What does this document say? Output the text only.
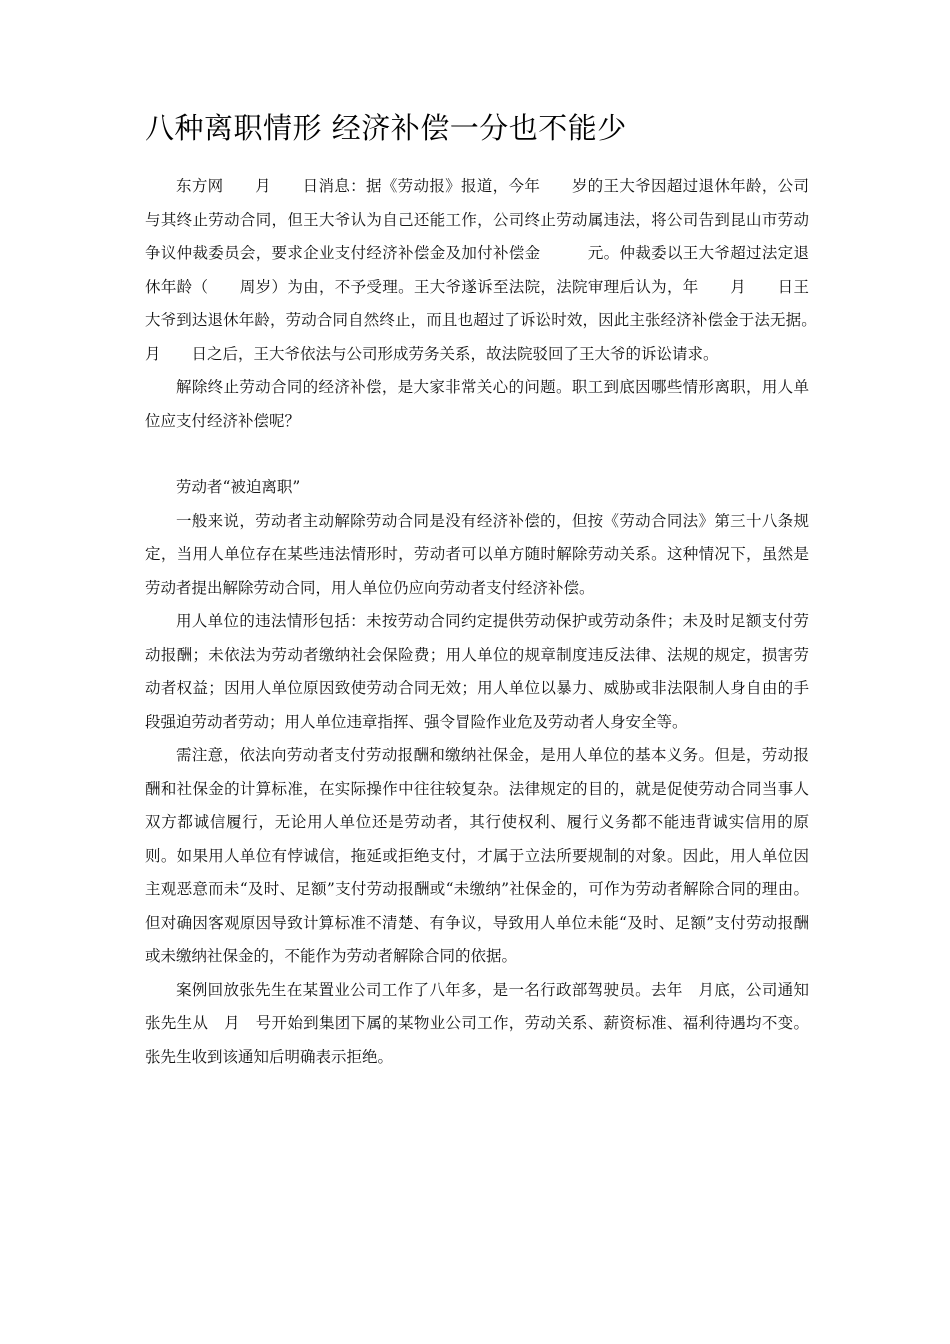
八种离职情形 经济补偿一分也不能少

东方网　　月　　日消息：据《劳动报》报道，今年　　岁的王大爷因超过退休年龄，公司与其终止劳动合同，但王大爷认为自己还能工作，公司终止劳动属违法，将公司告到昆山市劳动争议仲裁委员会，要求企业支付经济补偿金及加付补偿金　　　元。仲裁委以王大爷超过法定退休年龄（　　周岁）为由，不予受理。王大爷遂诉至法院，法院审理后认为，年　　月　　日王大爷到达退休年龄，劳动合同自然终止，而且也超过了诉讼时效，因此主张经济补偿金于法无据。　　月　　日之后，王大爷依法与公司形成劳务关系，故法院驳回了王大爷的诉讼请求。

解除终止劳动合同的经济补偿，是大家非常关心的问题。职工到底因哪些情形离职，用人单位应支付经济补偿呢？

劳动者“被迫离职”

一般来说，劳动者主动解除劳动合同是没有经济补偿的，但按《劳动合同法》第三十八条规定，当用人单位存在某些违法情形时，劳动者可以单方随时解除劳动关系。这种情况下，虽然是劳动者提出解除劳动合同，用人单位仍应向劳动者支付经济补偿。

用人单位的违法情形包括：未按劳动合同约定提供劳动保护或劳动条件；未及时足额支付劳动报酬；未依法为劳动者缴纳社会保险费；用人单位的规章制度违反法律、法规的规定，损害劳动者权益；因用人单位原因致使劳动合同无效；用人单位以暴力、威胁或非法限制人身自由的手段强迫劳动者劳动；用人单位违章指挥、强令冒险作业危及劳动者人身安全等。

需注意，依法向劳动者支付劳动报酬和缴纳社保金，是用人单位的基本义务。但是，劳动报酬和社保金的计算标准，在实际操作中往往较复杂。法律规定的目的，就是促使劳动合同当事人双方都诚信履行，无论用人单位还是劳动者，其行使权利、履行义务都不能违背诚实信用的原则。如果用人单位有悖诚信，拖延或拒绝支付，才属于立法所要规制的对象。因此，用人单位因主观恶意而未“及时、足额”支付劳动报酬或“未缴纳”社保金的，可作为劳动者解除合同的理由。但对确因客观原因导致计算标准不清楚、有争议，导致用人单位未能“及时、足额”支付劳动报酬或未缴纳社保金的，不能作为劳动者解除合同的依据。

案例回放张先生在某置业公司工作了八年多，是一名行政部驾驶员。去年　月底，公司通知张先生从　月　号开始到集团下属的某物业公司工作，劳动关系、薪资标准、福利待遇均不变。张先生收到该通知后明确表示拒绝。
